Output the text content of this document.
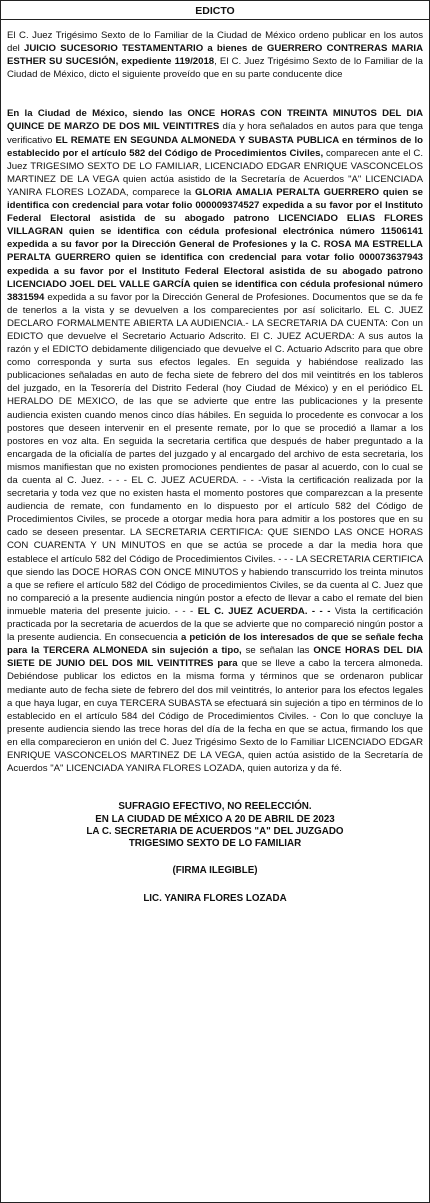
EDICTO

El C. Juez Trigésimo Sexto de lo Familiar de la Ciudad de México ordeno publicar en los autos del JUICIO SUCESORIO TESTAMENTARIO a bienes de GUERRERO CONTRERAS MARIA ESTHER SU SUCESIÓN, expediente 119/2018, El C. Juez Trigésimo Sexto de lo Familiar de la Ciudad de México, dicto el siguiente proveído que en su parte conducente dice

En la Ciudad de México, siendo las ONCE HORAS CON TREINTA MINUTOS DEL DIA QUINCE DE MARZO DE DOS MIL VEINTITRES día y hora señalados en autos para que tenga verificativo EL REMATE EN SEGUNDA ALMONEDA Y SUBASTA PUBLICA en términos de lo establecido por el artículo 582 del Código de Procedimientos Civiles, comparecen ante el C. Juez TRIGESIMO SEXTO DE LO FAMILIAR, LICENCIADO EDGAR ENRIQUE VASCONCELOS MARTINEZ DE LA VEGA quien actúa asistido de la Secretaría de Acuerdos "A" LICENCIADA YANIRA FLORES LOZADA, comparece la GLORIA AMALIA PERALTA GUERRERO quien se identifica con credencial para votar folio 000009374527 expedida a su favor por el Instituto Federal Electoral asistida de su abogado patrono LICENCIADO ELIAS FLORES VILLAGRAN quien se identifica con cédula profesional electrónica número 11506141 expedida a su favor por la Dirección General de Profesiones y la C. ROSA MA ESTRELLA PERALTA GUERRERO quien se identifica con credencial para votar folio 000073637943 expedida a su favor por el Instituto Federal Electoral asistida de su abogado patrono LICENCIADO JOEL DEL VALLE GARCÍA quien se identifica con cédula profesional número 3831594 expedida a su favor por la Dirección General de Profesiones. Documentos que se da fe de tenerlos a la vista y se devuelven a los comparecientes por así solicitarlo. EL C. JUEZ DECLARO FORMALMENTE ABIERTA LA AUDIENCIA.- LA SECRETARIA DA CUENTA: Con un EDICTO que devuelve el Secretario Actuario Adscrito. El C. JUEZ ACUERDA: A sus autos la razón y el EDICTO debidamente diligenciado que devuelve el C. Actuario Adscrito para que obre como corresponda y surta sus efectos legales. En seguida y habiéndose realizado las publicaciones señaladas en auto de fecha siete de febrero del dos mil veintitrés en los tableros del juzgado, en la Tesorería del Distrito Federal (hoy Ciudad de México) y en el periódico EL HERALDO DE MEXICO, de las que se advierte que entre las publicaciones y la presente audiencia existen cuando menos cinco días hábiles. En seguida lo procedente es convocar a los postores que deseen intervenir en el presente remate, por lo que se procedió a llamar a los postores en voz alta. En seguida la secretaria certifica que después de haber preguntado a la encargada de la oficialía de partes del juzgado y al encargado del archivo de esta secretaria, los mismos manifiestan que no existen promociones pendientes de pasar al acuerdo, con lo cual se da cuenta al C. Juez. - - - EL C. JUEZ ACUERDA. - - -Vista la certificación realizada por la secretaria y toda vez que no existen hasta el momento postores que comparezcan a la presente audiencia de remate, con fundamento en lo dispuesto por el artículo 582 del Código de Procedimientos Civiles, se procede a otorgar media hora para admitir a los postores que en su cado se deseen presentar. LA SECRETARIA CERTIFICA: QUE SIENDO LAS ONCE HORAS CON CUARENTA Y UN MINUTOS en que se actúa se procede a dar la media hora que establece el artículo 582 del Código de Procedimientos Civiles. - - - LA SECRETARIA CERTIFICA que siendo las DOCE HORAS CON ONCE MINUTOS y habiendo transcurrido los treinta minutos a que se refiere el artículo 582 del Código de procedimientos Civiles, se da cuenta al C. Juez que no compareció a la presente audiencia ningún postor a efecto de llevar a cabo el remate del bien inmueble materia del presente juicio. - - - EL C. JUEZ ACUERDA. - - - Vista la certificación practicada por la secretaria de acuerdos de la que se advierte que no compareció ningún postor a la presente audiencia. En consecuencia a petición de los interesados de que se señale fecha para la TERCERA ALMONEDA sin sujeción a tipo, se señalan las ONCE HORAS DEL DIA SIETE DE JUNIO DEL DOS MIL VEINTITRES para que se lleve a cabo la tercera almoneda. Debiéndose publicar los edictos en la misma forma y términos que se ordenaron publicar mediante auto de fecha siete de febrero del dos mil veintitrés, lo anterior para los efectos legales a que haya lugar, en cuya TERCERA SUBASTA se efectuará sin sujeción a tipo en términos de lo establecido en el artículo 584 del Código de Procedimientos Civiles. - Con lo que concluye la presente audiencia siendo las trece horas del día de la fecha en que se actua, firmando los que en ella comparecieron en unión del C. Juez Trigésimo Sexto de lo Familiar LICENCIADO EDGAR ENRIQUE VASCONCELOS MARTINEZ DE LA VEGA, quien actúa asistido de la Secretaría de Acuerdos "A" LICENCIADA YANIRA FLORES LOZADA, quien autoriza y da fé.

SUFRAGIO EFECTIVO, NO REELECCIÓN.
EN LA CIUDAD DE MÉXICO A 20 DE ABRIL DE 2023
LA C. SECRETARIA DE ACUERDOS "A" DEL JUZGADO
TRIGESIMO SEXTO DE LO FAMILIAR
(FIRMA ILEGIBLE)
LIC. YANIRA FLORES LOZADA
